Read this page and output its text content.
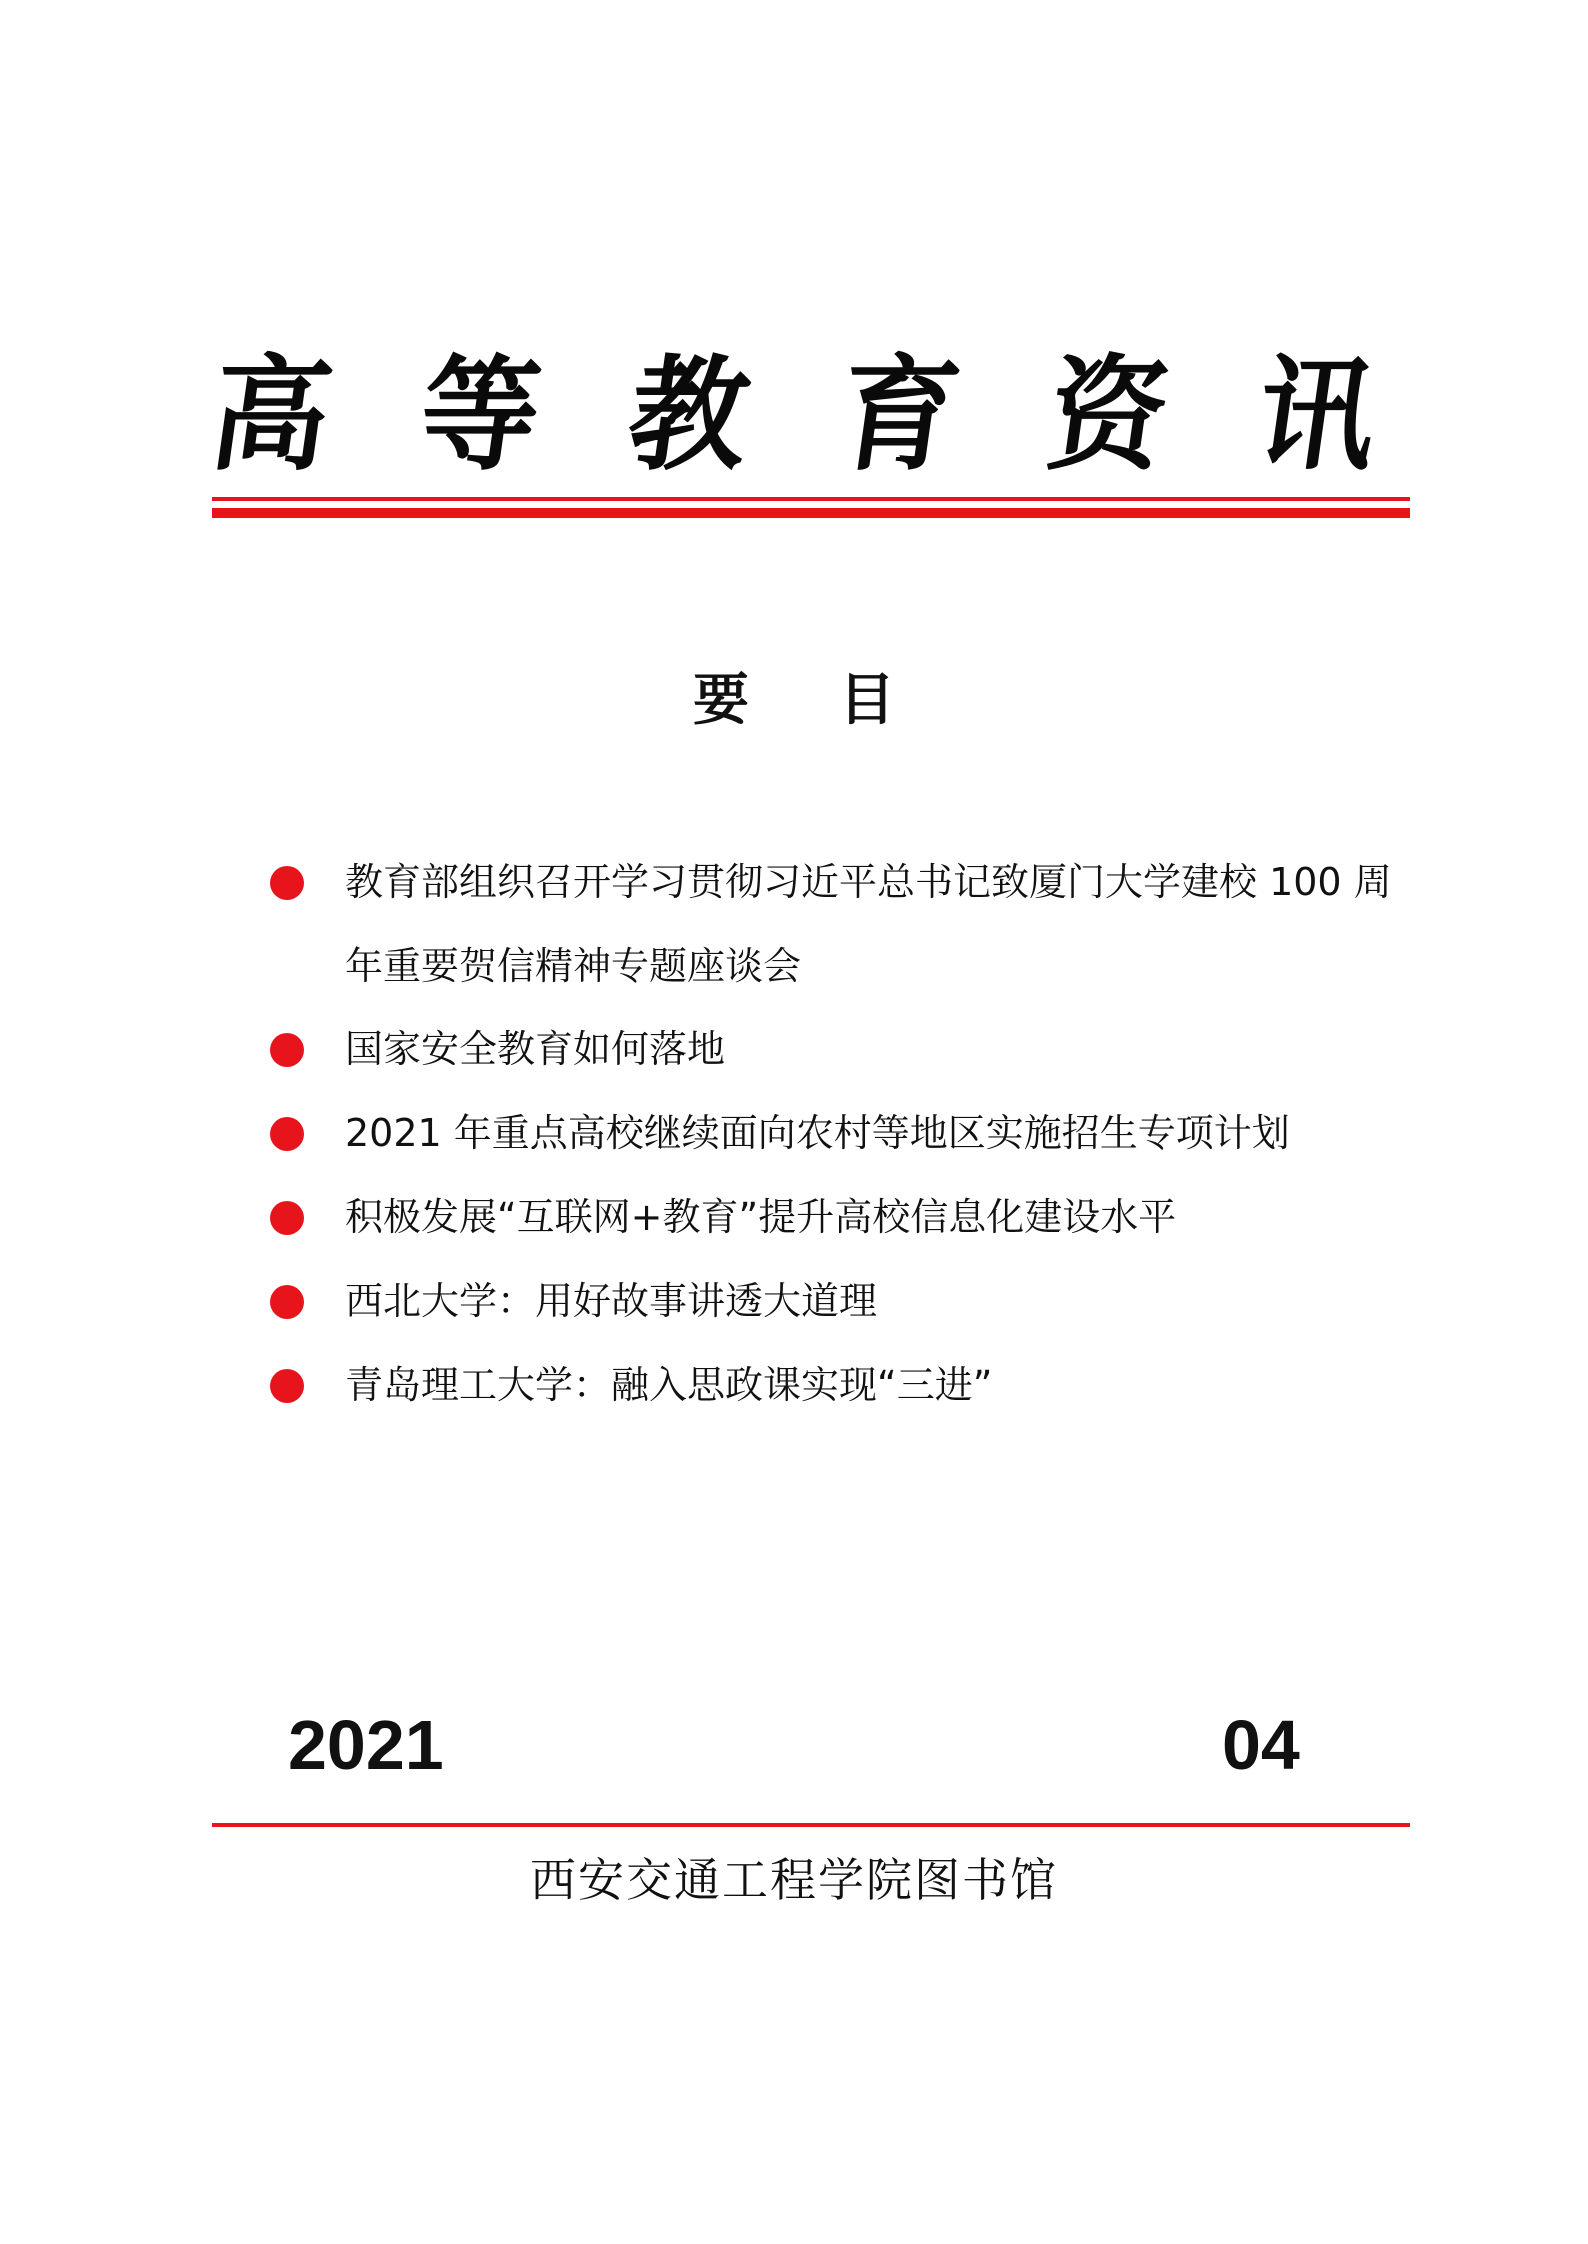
高 等 教 育 资 讯
要目
教育部组织召开学习贯彻习近平总书记致厦门大学建校 100 周年重要贺信精神专题座谈会
国家安全教育如何落地
2021 年重点高校继续面向农村等地区实施招生专项计划
积极发展“互联网+教育”提升高校信息化建设水平
西北大学：用好故事讲透大道理
青岛理工大学：融入思政课实现“三进”
2021	04
西安交通工程学院图书馆
